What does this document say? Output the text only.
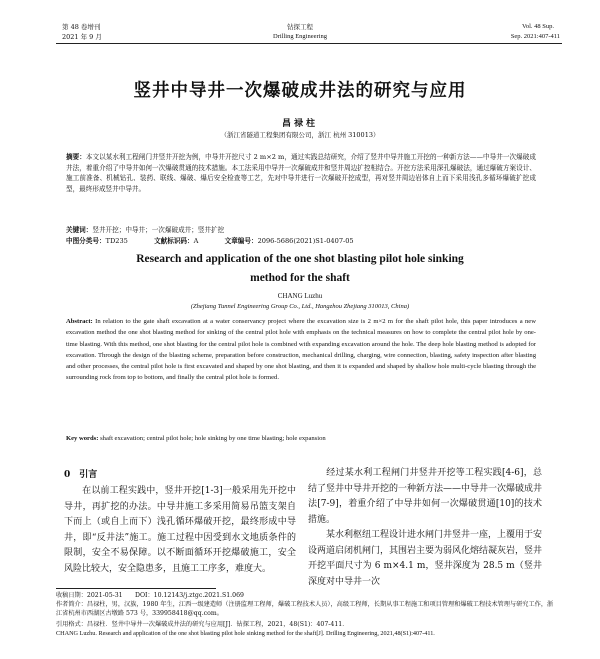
第 48 卷增刊
2021 年 9 月
钻探工程
Drilling Engineering
Vol. 48 Sup.
Sep. 2021:407-411
竖井中导井一次爆破成井法的研究与应用
昌禄柱
（浙江省隧道工程集团有限公司，浙江 杭州 310013）
摘要：本文以某水利工程闸门井竖井开挖为例，中导井开挖尺寸 2 m×2 m，通过实践总结研究，介绍了竖井中导井施工开挖的一种新方法——中导井一次爆破成井法，着重介绍了中导井如何一次爆破贯通的技术措施。本工法采用中导井一次爆破成井和竖井周边扩控相结合。开挖方法采用深孔爆破法，通过爆破方案设计、施工前准备、机械钻孔、装药、联线、爆破、爆后安全检查等工艺，先对中导井进行一次爆破开挖成型，再对竖井周边岩体自上而下采用浅孔多循环爆破扩挖成型，最终形成竖井中导井。
关键词：竖井开挖；中导井；一次爆破成井；竖井扩挖
中图分类号：TD235	文献标识码：A	文章编号：2096-5686(2021)S1-0407-05
Research and application of the one shot blasting pilot hole sinking
method for the shaft
CHANG Luzhu
(Zhejiang Tunnel Engineering Group Co., Ltd., Hangzhou Zhejiang 310013, China)
Abstract: In relation to the gate shaft excavation at a water conservancy project where the excavation size is 2 m×2 m for the shaft pilot hole, this paper introduces a new excavation method the one shot blasting method for sinking of the central pilot hole with emphasis on the technical measures on how to complete the central pilot hole by one-time blasting. With this method, one shot blasting for the central pilot hole is combined with expanding excavation around the hole. The deep hole blasting method is adopted for excavation. Through the design of the blasting scheme, preparation before construction, mechanical drilling, charging, wire connection, blasting, safety inspection after blasting and other processes, the central pilot hole is first excavated and shaped by one shot blasting, and then it is expanded and shaped by shallow hole multi-cycle blasting through the surrounding rock from top to bottom, and finally the central pilot hole is formed.
Key words: shaft excavation; central pilot hole; hole sinking by one time blasting; hole expansion
0　引言
在以前工程实践中，竖井开挖[1-3]一般采用先开挖中导井，再扩挖的办法。中导井施工多采用简易吊篮支架自下而上（或自上而下）浅孔循环爆破开挖，最终形成中导井，即“反井法”施工。施工过程中因受到水文地质条件的限制，安全不易保障。以不断面循环开挖爆破施工，安全风险比较大，安全隐患多，且施工工序多，难度大。
经过某水利工程闸门井竖井开挖等工程实践[4-6]，总结了竖井中导井开挖的一种新方法——中导井一次爆破成井法[7-9]，着重介绍了中导井如何一次爆破贯通[10]的技术措施。
某水利枢纽工程设计进水闸门井竖井一座，上覆用于安设两道启闭机闸门，其围岩主要为弱风化熔结凝灰岩，竖井开挖平面尺寸为 6 m×4.1 m，竖井深度为 28.5 m（竖井深度对中导井一次
收稿日期：2021-05-31　　DOI：10.12143/j.ztgc.2021.S1.069
作者简介：昌禄柱，男，汉族，1980 年生，江西一级建造师（注册监理工程师，爆破工程技术人员），高级工程师，长期从事工程施工和项目管理和爆破工程技术管理与研究工作，浙江省杭州市西湖区古墩路 573 号，339958418@qq.com。
引用格式：昌禄柱．竖井中导井一次爆破成井法的研究与应用[J]．钻探工程，2021，48(S1)：407-411．
CHANG Luzhu. Research and application of the one shot blasting pilot hole sinking method for the shaft[J]. Drilling Engineering, 2021,48(S1):407-411.
